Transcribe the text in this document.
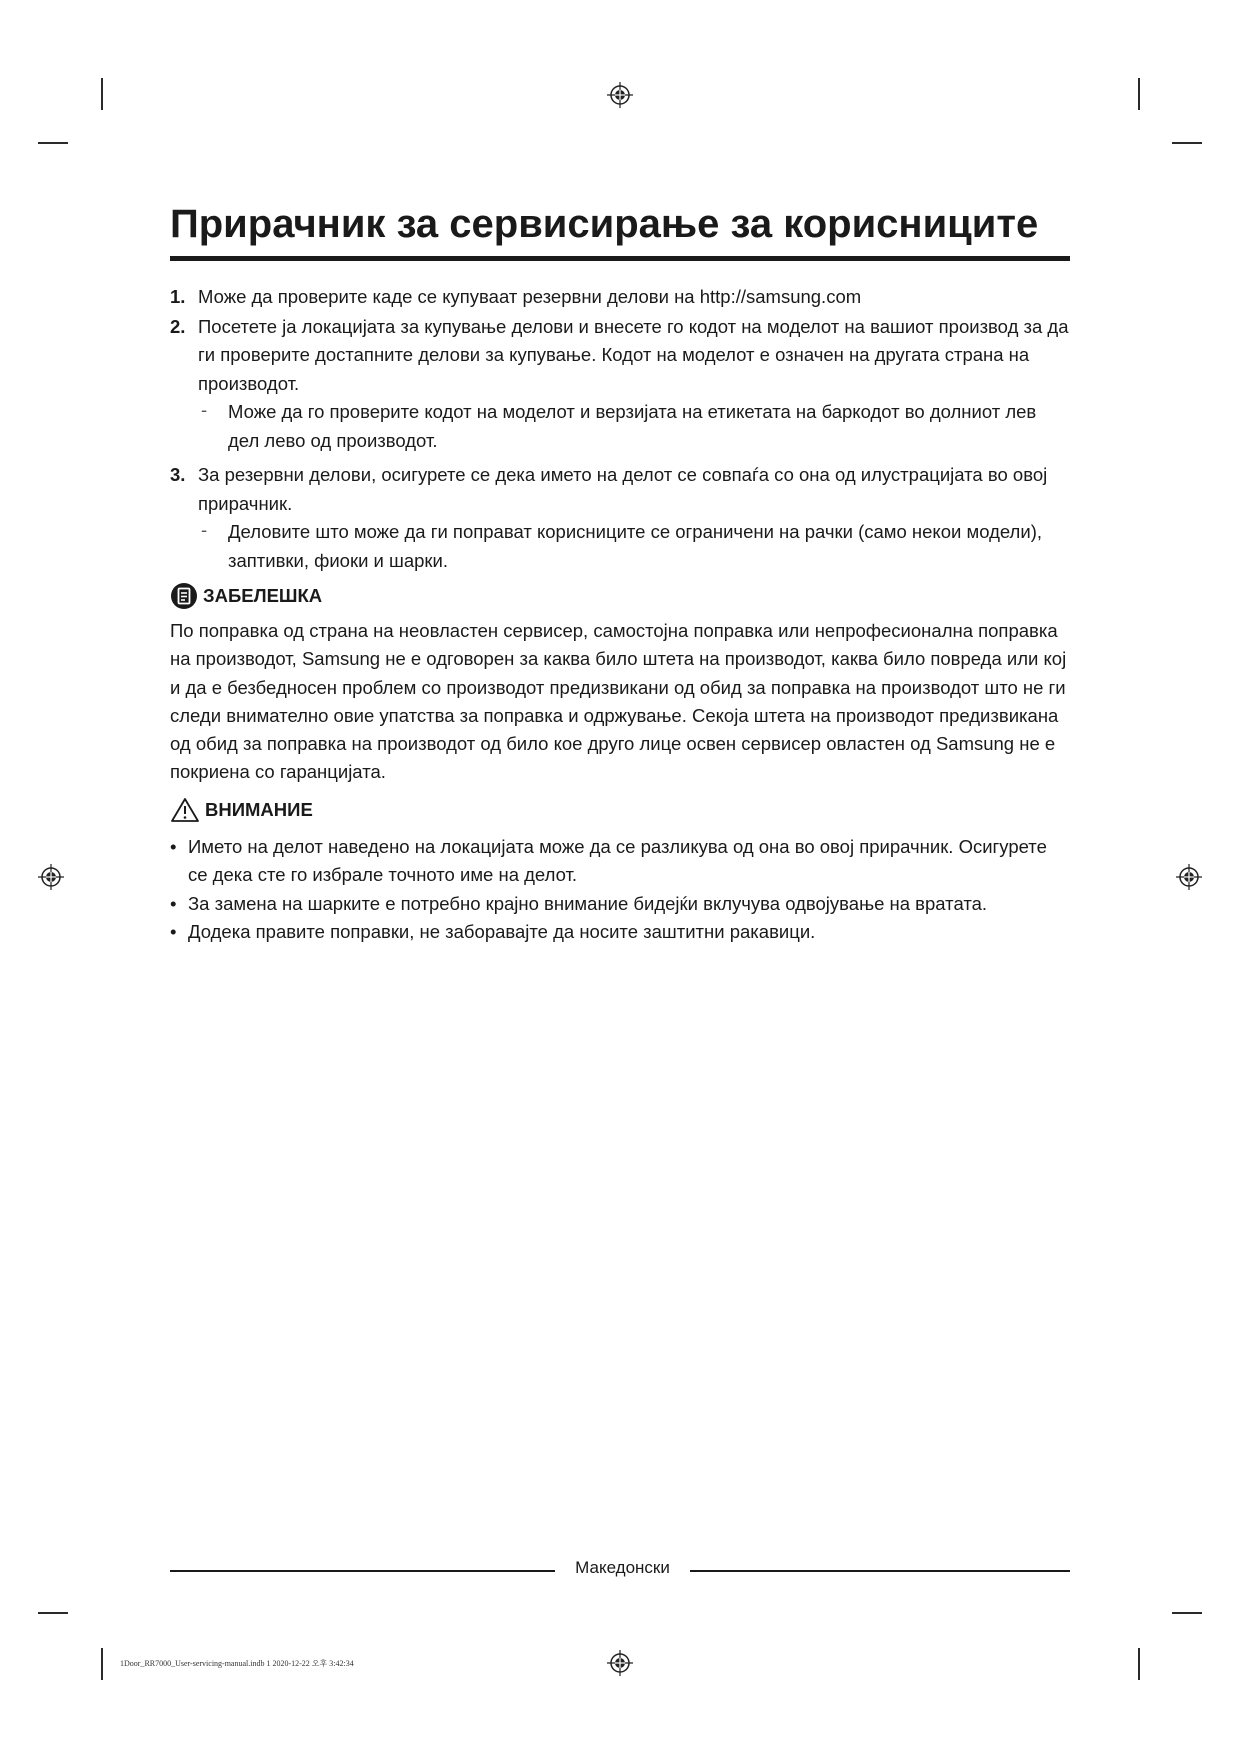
Прирачник за сервисирање за корисниците
1. Може да проверите каде се купуваат резервни делови на http://samsung.com
2. Посетете ја локацијата за купување делови и внесете го кодот на моделот на вашиот производ за да ги проверите достапните делови за купување. Кодот на моделот е означен на другата страна на производот.
- Може да го проверите кодот на моделот и верзијата на етикетата на баркодот во долниот лев дел лево од производот.
3. За резервни делови, осигурете се дека името на делот се совпаѓа со она од илустрацијата во овој прирачник.
- Деловите што може да ги поправат корисниците се ограничени на рачки (само некои модели), заптивки, фиоки и шарки.
ЗАБЕЛЕШКА

По поправка од страна на неовластен сервисер, самостојна поправка или непрофесионална поправка на производот, Samsung не е одговорен за каква било штета на производот, каква било повреда или кој и да е безбедносен проблем со производот предизвикани од обид за поправка на производот што не ги следи внимателно овие упатства за поправка и одржување. Секоја штета на производот предизвикана од обид за поправка на производот од било кое друго лице освен сервисер овластен од Samsung не е покриена со гаранцијата.

ВНИМАНИЕ
• Името на делот наведено на локацијата може да се разликува од она во овој прирачник. Осигурете се дека сте го избрале точното име на делот.
• За замена на шарките е потребно крајно внимание бидејќи вклучува одвојување на вратата.
• Додека правите поправки, не заборавајте да носите заштитни ракавици.
Македонски
1Door_RR7000_User-servicing-manual.indb 1 2020-12-22 오후 3:42:34
